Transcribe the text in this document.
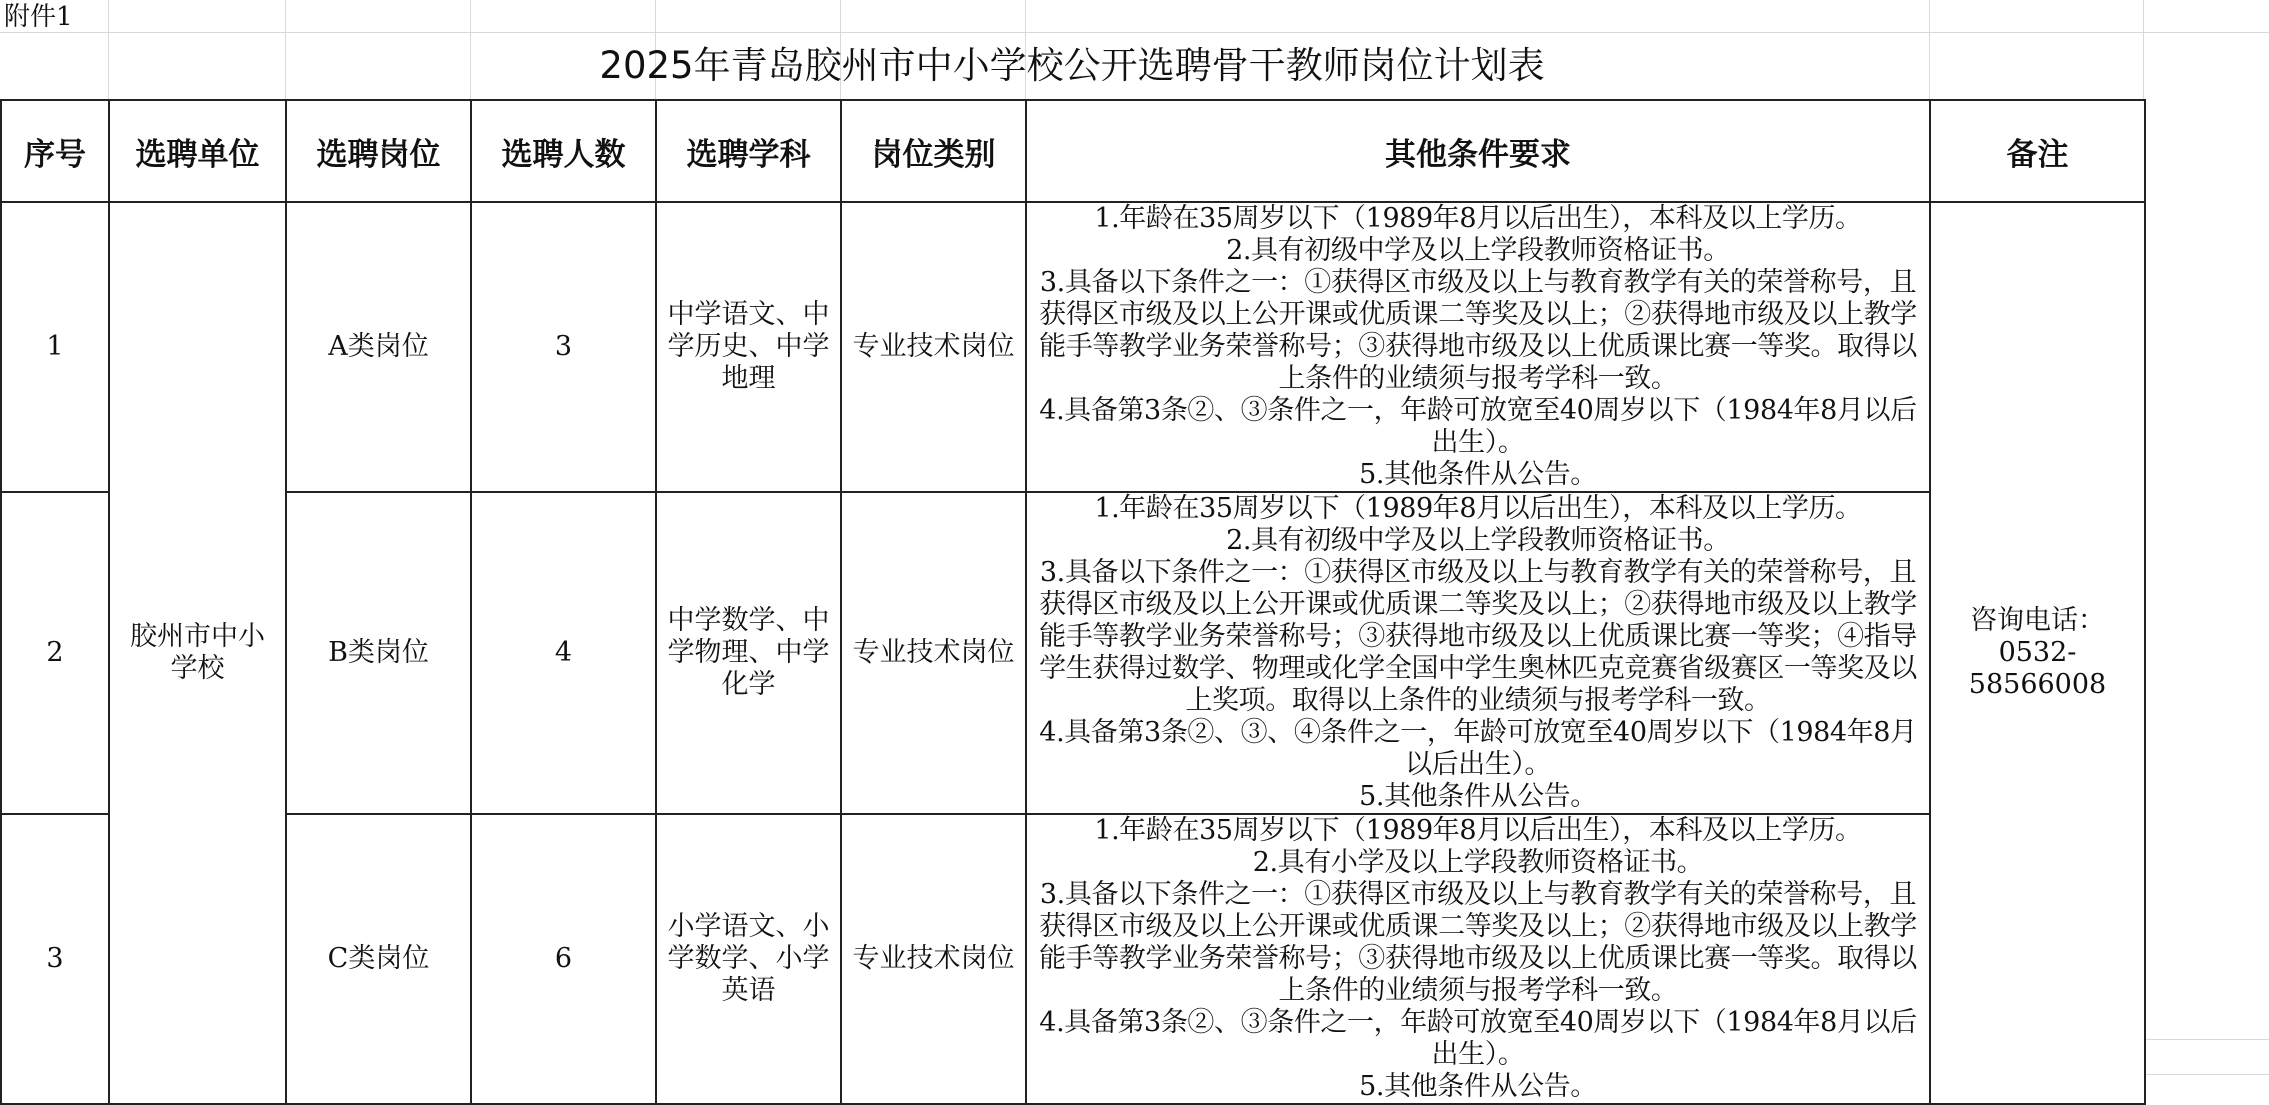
附件1
2025年青岛胶州市中小学校公开选聘骨干教师岗位计划表
序号	选聘单位	选聘岗位	选聘人数	选聘学科	岗位类别	其他条件要求	备注
1	胶州市中小学校	A类岗位	3	中学语文、中学历史、中学地理	专业技术岗位	1.年龄在35周岁以下（1989年8月以后出生），本科及以上学历。
2.具有初级中学及以上学段教师资格证书。
3.具备以下条件之一：①获得区市级及以上与教育教学有关的荣誉称号，且获得区市级及以上公开课或优质课二等奖及以上；②获得地市级及以上教学能手等教学业务荣誉称号；③获得地市级及以上优质课比赛一等奖。取得以上条件的业绩须与报考学科一致。
4.具备第3条②、③条件之一，年龄可放宽至40周岁以下（1984年8月以后出生）。
5.其他条件从公告。	咨询电话：0532-58566008
2		B类岗位	4	中学数学、中学物理、中学化学	专业技术岗位	1.年龄在35周岁以下（1989年8月以后出生），本科及以上学历。
2.具有初级中学及以上学段教师资格证书。
3.具备以下条件之一：①获得区市级及以上与教育教学有关的荣誉称号，且获得区市级及以上公开课或优质课二等奖及以上；②获得地市级及以上教学能手等教学业务荣誉称号；③获得地市级及以上优质课比赛一等奖；④指导学生获得过数学、物理或化学全国中学生奥林匹克竞赛省级赛区一等奖及以上奖项。取得以上条件的业绩须与报考学科一致。
4.具备第3条②、③、④条件之一，年龄可放宽至40周岁以下（1984年8月以后出生）。
5.其他条件从公告。	

3		C类岗位	6	小学语文、小学数学、小学英语	专业技术岗位	1.年龄在35周岁以下（1989年8月以后出生），本科及以上学历。
2.具有小学及以上学段教师资格证书。
3.具备以下条件之一：①获得区市级及以上与教育教学有关的荣誉称号，且获得区市级及以上公开课或优质课二等奖及以上；②获得地市级及以上教学能手等教学业务荣誉称号；③获得地市级及以上优质课比赛一等奖。取得以上条件的业绩须与报考学科一致。
4.具备第3条②、③条件之一，年龄可放宽至40周岁以下（1984年8月以后出生）。
5.其他条件从公告。	
